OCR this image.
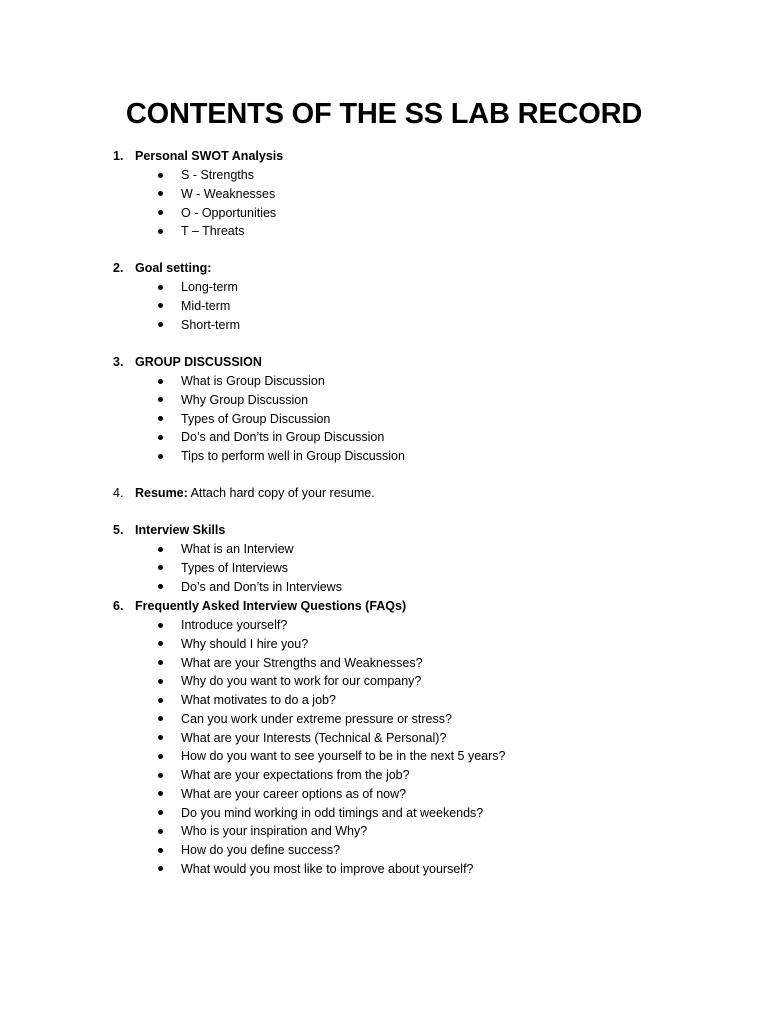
CONTENTS OF THE SS LAB RECORD
1. Personal SWOT Analysis
S - Strengths
W - Weaknesses
O - Opportunities
T – Threats
2. Goal setting:
Long-term
Mid-term
Short-term
3. GROUP DISCUSSION
What is Group Discussion
Why Group Discussion
Types of Group Discussion
Do’s and Don’ts in Group Discussion
Tips to perform well in Group Discussion
4. Resume: Attach hard copy of your resume.
5. Interview Skills
What is an Interview
Types of Interviews
Do’s and Don’ts in Interviews
6. Frequently Asked Interview Questions (FAQs)
Introduce yourself?
Why should I hire you?
What are your Strengths and Weaknesses?
Why do you want to work for our company?
What motivates to do a job?
Can you work under extreme pressure or stress?
What are your Interests (Technical & Personal)?
How do you want to see yourself to be in the next 5 years?
What are your expectations from the job?
What are your career options as of now?
Do you mind working in odd timings and at weekends?
Who is your inspiration and Why?
How do you define success?
What would you most like to improve about yourself?
